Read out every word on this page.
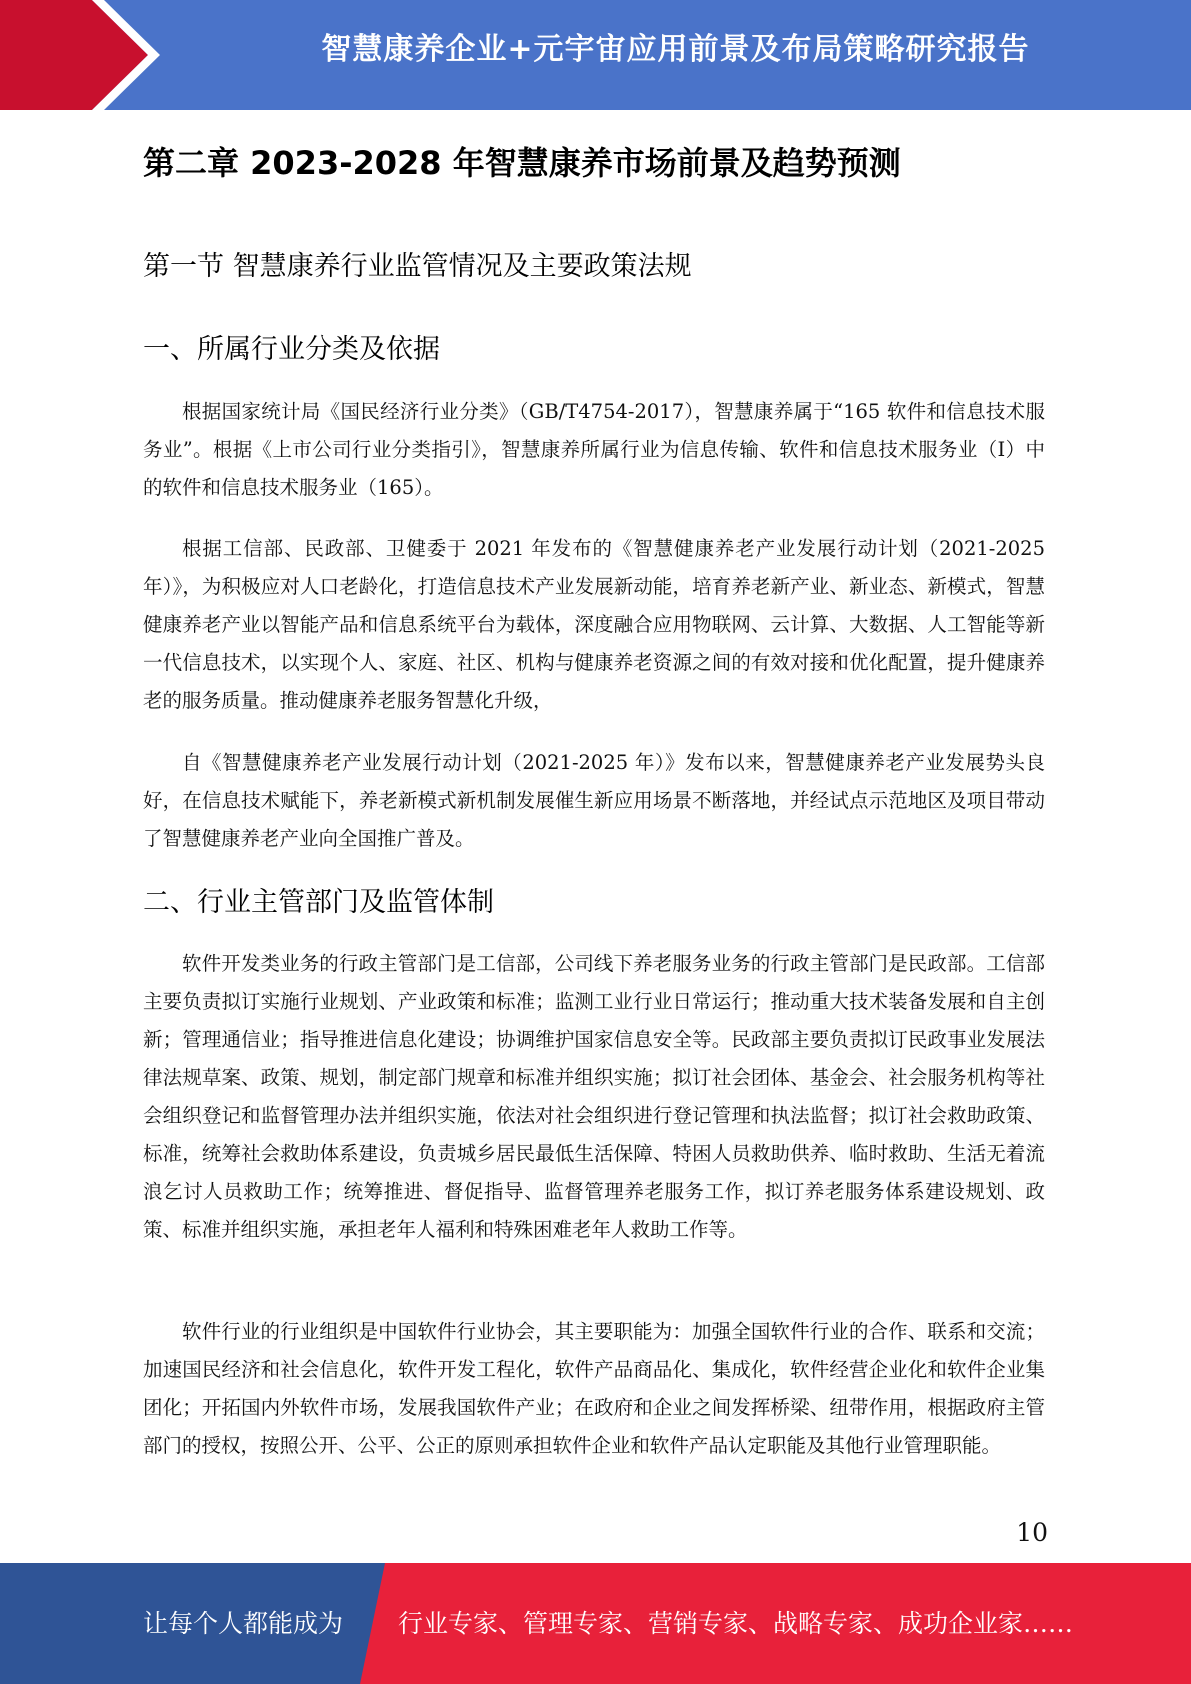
智慧康养企业+元宇宙应用前景及布局策略研究报告
第二章 2023-2028 年智慧康养市场前景及趋势预测
第一节 智慧康养行业监管情况及主要政策法规
一、所属行业分类及依据

根据国家统计局《国民经济行业分类》（GB/T4754-2017），智慧康养属于“165 软件和信息技术服务业”。根据《上市公司行业分类指引》，智慧康养所属行业为信息传输、软件和信息技术服务业（I）中的软件和信息技术服务业（165）。

根据工信部、民政部、卫健委于 2021 年发布的《智慧健康养老产业发展行动计划（2021-2025 年）》，为积极应对人口老龄化，打造信息技术产业发展新动能，培育养老新产业、新业态、新模式，智慧健康养老产业以智能产品和信息系统平台为载体，深度融合应用物联网、云计算、大数据、人工智能等新一代信息技术，以实现个人、家庭、社区、机构与健康养老资源之间的有效对接和优化配置，提升健康养老的服务质量。推动健康养老服务智慧化升级，

自《智慧健康养老产业发展行动计划（2021-2025 年）》发布以来，智慧健康养老产业发展势头良好，在信息技术赋能下，养老新模式新机制发展催生新应用场景不断落地，并经试点示范地区及项目带动了智慧健康养老产业向全国推广普及。

二、行业主管部门及监管体制

软件开发类业务的行政主管部门是工信部，公司线下养老服务业务的行政主管部门是民政部。工信部主要负责拟订实施行业规划、产业政策和标准；监测工业行业日常运行；推动重大技术装备发展和自主创新；管理通信业；指导推进信息化建设；协调维护国家信息安全等。民政部主要负责拟订民政事业发展法律法规草案、政策、规划，制定部门规章和标准并组织实施；拟订社会团体、基金会、社会服务机构等社会组织登记和监督管理办法并组织实施，依法对社会组织进行登记管理和执法监督；拟订社会救助政策、标准，统筹社会救助体系建设，负责城乡居民最低生活保障、特困人员救助供养、临时救助、生活无着流浪乞讨人员救助工作；统筹推进、督促指导、监督管理养老服务工作，拟订养老服务体系建设规划、政策、标准并组织实施，承担老年人福利和特殊困难老年人救助工作等。

软件行业的行业组织是中国软件行业协会，其主要职能为：加强全国软件行业的合作、联系和交流；加速国民经济和社会信息化，软件开发工程化，软件产品商品化、集成化，软件经营企业化和软件企业集团化；开拓国内外软件市场，发展我国软件产业；在政府和企业之间发挥桥梁、纽带作用，根据政府主管部门的授权，按照公开、公平、公正的原则承担软件企业和软件产品认定职能及其他行业管理职能。

10
让每个人都能成为 行业专家、管理专家、营销专家、战略专家、成功企业家……
